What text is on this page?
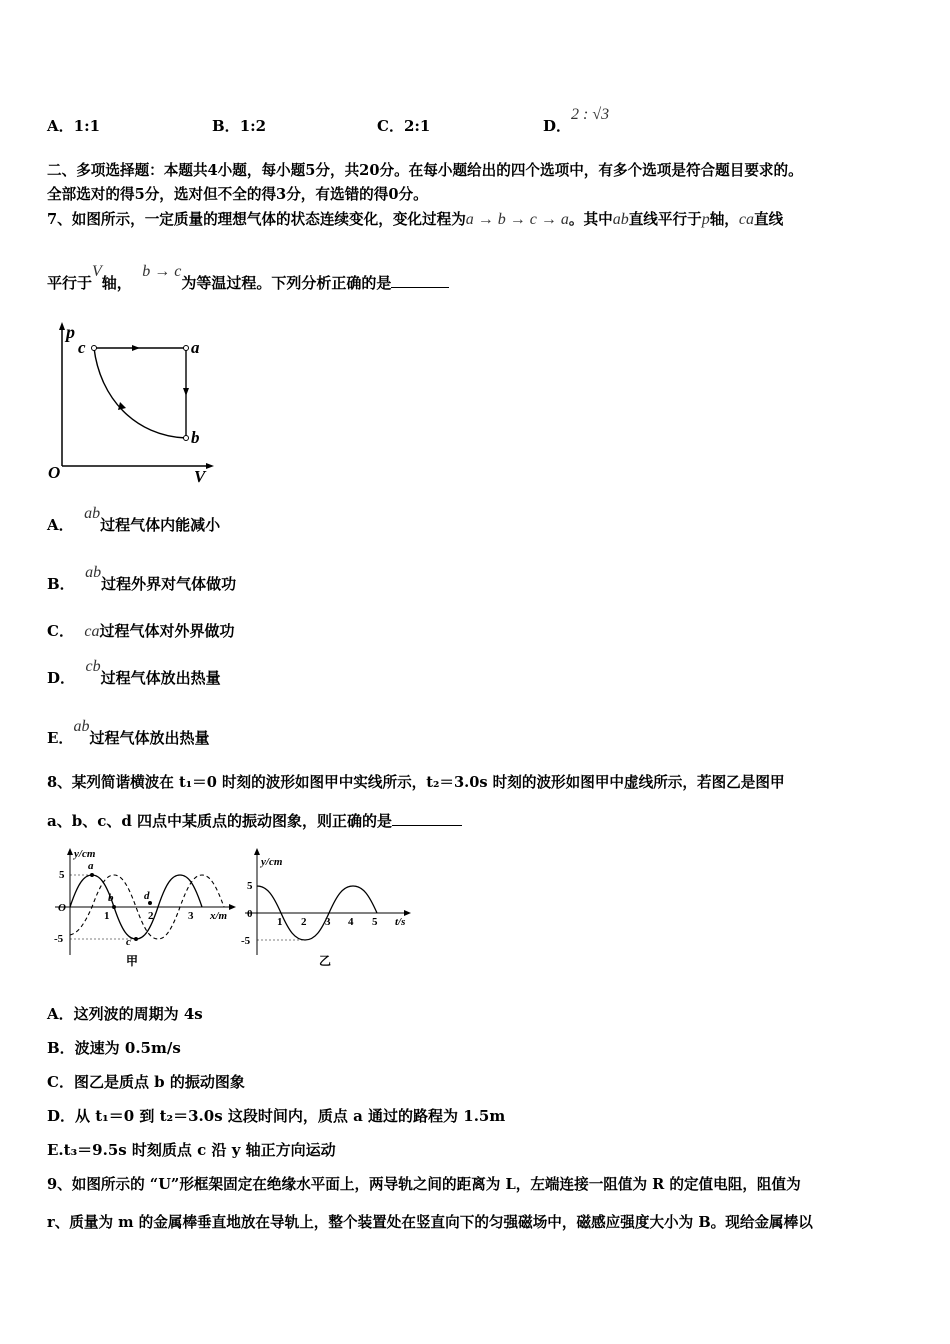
A．1:1	B．1:2	C．2:1	D．2 : √3
二、多项选择题：本题共4小题，每小题5分，共20分。在每小题给出的四个选项中，有多个选项是符合题目要求的。
全部选对的得5分，选对但不全的得3分，有选错的得0分。
7、如图所示，一定质量的理想气体的状态连续变化，变化过程为a → b → c → a。其中ab直线平行于p轴，ca直线
平行于V轴，  b → c为等温过程。下列分析正确的是
p
c	a
b
O	V
A．  ab过程气体内能减小
B．  ab过程外界对气体做功
C． ca过程气体对外界做功
D．  cb过程气体放出热量
E．ab过程气体放出热量
8、某列简谐横波在 t₁＝0 时刻的波形如图甲中实线所示，t₂＝3.0s 时刻的波形如图甲中虚线所示，若图乙是图甲
a、b、c、d 四点中某质点的振动图象，则正确的是
y/cm
x/m
5
O
-5
1	2	3
a
b
c
d
甲
y/cm
t/s
5
0
-5
1 2 3 4 5
乙
A．这列波的周期为 4s
B．波速为 0.5m/s
C．图乙是质点 b 的振动图象
D．从 t₁＝0 到 t₂＝3.0s 这段时间内，质点 a 通过的路程为 1.5m
E.t₃＝9.5s 时刻质点 c 沿 y 轴正方向运动
9、如图所示的 “U”形框架固定在绝缘水平面上，两导轨之间的距离为 L，左端连接一阻值为 R 的定值电阻，阻值为
r、质量为 m 的金属棒垂直地放在导轨上，整个装置处在竖直向下的匀强磁场中，磁感应强度大小为 B。现给金属棒以
